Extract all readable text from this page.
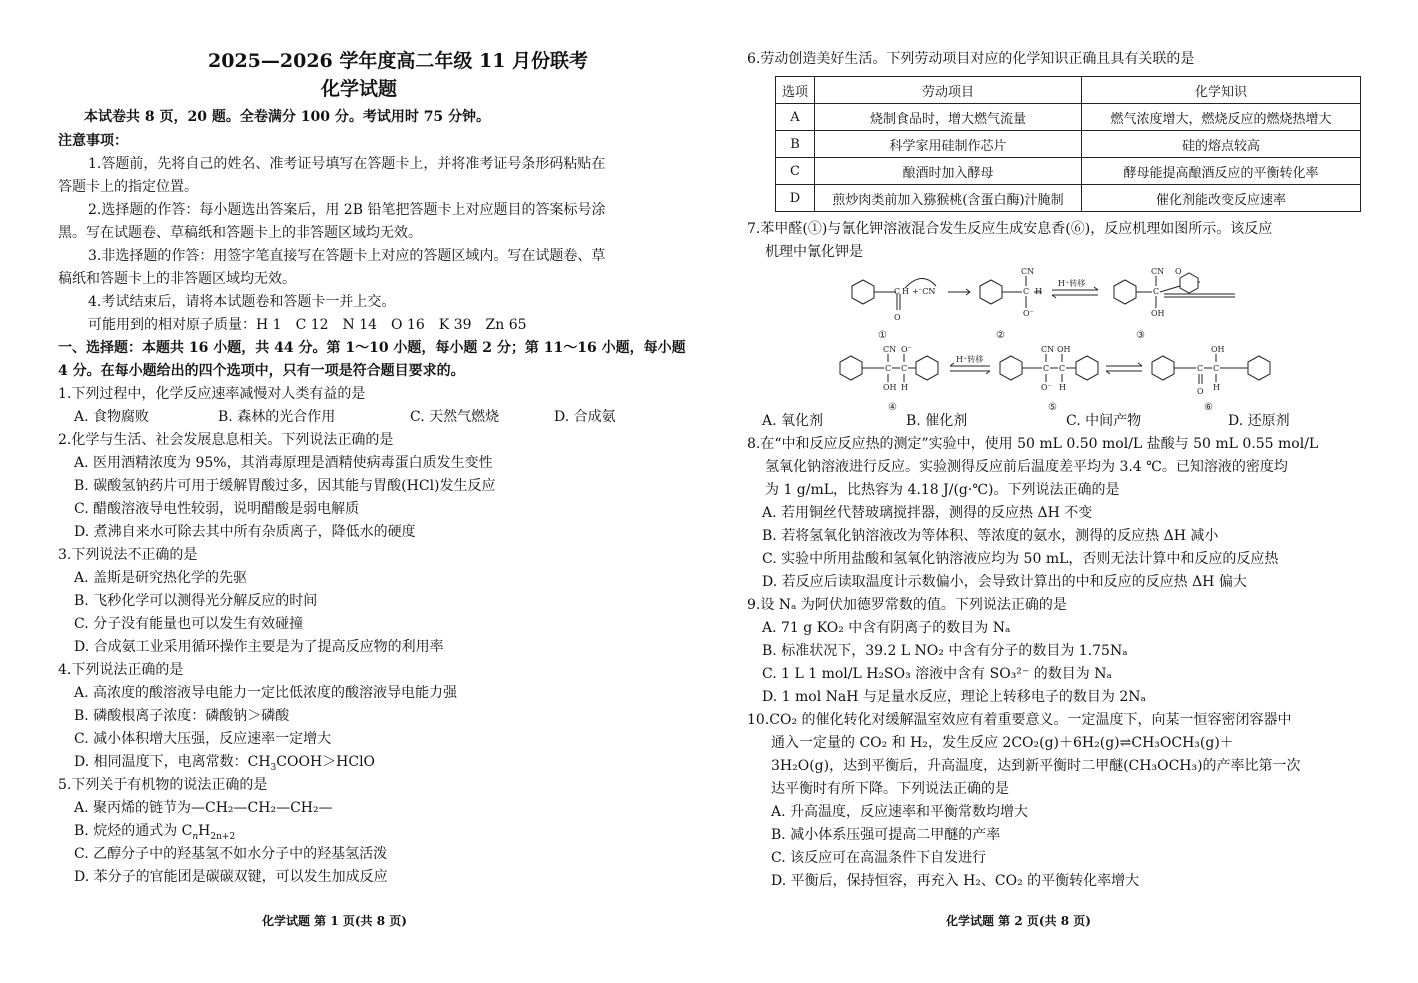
2025—2026 学年度高二年级 11 月份联考
化学试题
本试卷共 8 页，20 题。全卷满分 100 分。考试用时 75 分钟。
注意事项：
1.答题前，先将自己的姓名、准考证号填写在答题卡上，并将准考证号条形码粘贴在
答题卡上的指定位置。
2.选择题的作答：每小题选出答案后，用 2B 铅笔把答题卡上对应题目的答案标号涂
黑。写在试题卷、草稿纸和答题卡上的非答题区域均无效。
3.非选择题的作答：用签字笔直接写在答题卡上对应的答题区域内。写在试题卷、草
稿纸和答题卡上的非答题区域均无效。
4.考试结束后，请将本试题卷和答题卡一并上交。
可能用到的相对原子质量：H 1　C 12　N 14　O 16　K 39　Zn 65
一、选择题：本题共 16 小题，共 44 分。第 1～10 小题，每小题 2 分；第 11～16 小题，每小题
4 分。在每小题给出的四个选项中，只有一项是符合题目要求的。
1.下列过程中，化学反应速率减慢对人类有益的是
A. 食物腐败	B. 森林的光合作用	C. 天然气燃烧	D. 合成氨
2.化学与生活、社会发展息息相关。下列说法正确的是
A. 医用酒精浓度为 95%，其消毒原理是酒精使病毒蛋白质发生变性
B. 碳酸氢钠药片可用于缓解胃酸过多，因其能与胃酸(HCl)发生反应
C. 醋酸溶液导电性较弱，说明醋酸是弱电解质
D. 煮沸自来水可除去其中所有杂质离子，降低水的硬度
3.下列说法不正确的是
A. 盖斯是研究热化学的先驱
B. 飞秒化学可以测得光分解反应的时间
C. 分子没有能量也可以发生有效碰撞
D. 合成氨工业采用循环操作主要是为了提高反应物的利用率
4.下列说法正确的是
A. 高浓度的酸溶液导电能力一定比低浓度的酸溶液导电能力强
B. 磷酸根离子浓度：磷酸钠＞磷酸
C. 减小体积增大压强，反应速率一定增大
D. 相同温度下，电离常数：$CH_3COOH>HClO$
5.下列关于有机物的说法正确的是
A. 聚丙烯的链节为—CH₂—CH₂—CH₂—
B. 烷烃的通式为 $C_nH_{2n+2}$
C. 乙醇分子中的羟基氢不如水分子中的羟基氢活泼
D. 苯分子的官能团是碳碳双键，可以发生加成反应
化学试题 第 1 页(共 8 页)
6.劳动创造美好生活。下列劳动项目对应的化学知识正确且具有关联的是
选项	劳动项目	化学知识
A	烧制食品时，增大燃气流量	燃气浓度增大，燃烧反应的燃烧热增大
B	科学家用硅制作芯片	硅的熔点较高
C	酿酒时加入酵母	酵母能提高酿酒反应的平衡转化率
D	煎炒肉类前加入猕猴桃(含蛋白酶)汁腌制	催化剂能改变反应速率
7.苯甲醛(①)与氰化钾溶液混合发生反应生成安息香(⑥)，反应机理如图所示。该反应
机理中氰化钾是
C H + ⁻CN
O
C H
CN
O⁻
C
CN
OH
O
C C
CN O⁻
OH H
C C
CN OH
O⁻ H
C C
O
OH
H
H⁺转移
H⁺转移
①	②	③
④	⑤	⑥
A. 氧化剂	B. 催化剂	C. 中间产物	D. 还原剂
8.在“中和反应反应热的测定”实验中，使用 50 mL 0.50 mol/L 盐酸与 50 mL 0.55 mol/L
氢氧化钠溶液进行反应。实验测得反应前后温度差平均为 3.4 ℃。已知溶液的密度均
为 1 g/mL，比热容为 4.18 J/(g·℃)。下列说法正确的是
A. 若用铜丝代替玻璃搅拌器，测得的反应热 ΔH 不变
B. 若将氢氧化钠溶液改为等体积、等浓度的氨水，测得的反应热 ΔH 减小
C. 实验中所用盐酸和氢氧化钠溶液应均为 50 mL，否则无法计算中和反应的反应热
D. 若反应后读取温度计示数偏小，会导致计算出的中和反应的反应热 ΔH 偏大
9.设 Nₐ 为阿伏加德罗常数的值。下列说法正确的是
A. 71 g KO₂ 中含有阴离子的数目为 Nₐ
B. 标准状况下，39.2 L NO₂ 中含有分子的数目为 1.75Nₐ
C. 1 L 1 mol/L H₂SO₃ 溶液中含有 SO₃²⁻ 的数目为 Nₐ
D. 1 mol NaH 与足量水反应，理论上转移电子的数目为 2Nₐ
10.CO₂ 的催化转化对缓解温室效应有着重要意义。一定温度下，向某一恒容密闭容器中
通入一定量的 CO₂ 和 H₂，发生反应 2CO₂(g)＋6H₂(g)⇌CH₃OCH₃(g)＋
3H₂O(g)，达到平衡后，升高温度，达到新平衡时二甲醚(CH₃OCH₃)的产率比第一次
达平衡时有所下降。下列说法正确的是
A. 升高温度，反应速率和平衡常数均增大
B. 减小体系压强可提高二甲醚的产率
C. 该反应可在高温条件下自发进行
D. 平衡后，保持恒容，再充入 H₂、CO₂ 的平衡转化率增大
化学试题 第 2 页(共 8 页)
